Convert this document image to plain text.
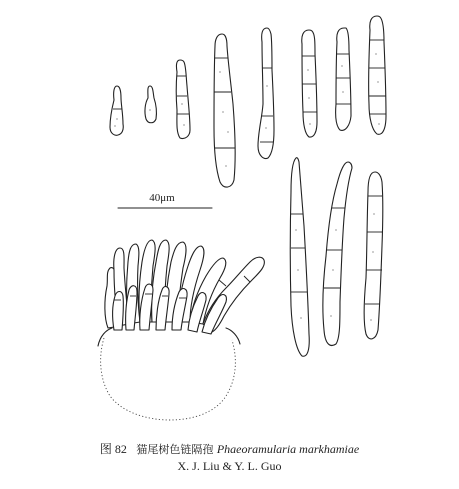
40μm
图 82 猫尾树色链隔孢 Phaeoramularia markhamiae
X. J. Liu & Y. L. Guo
